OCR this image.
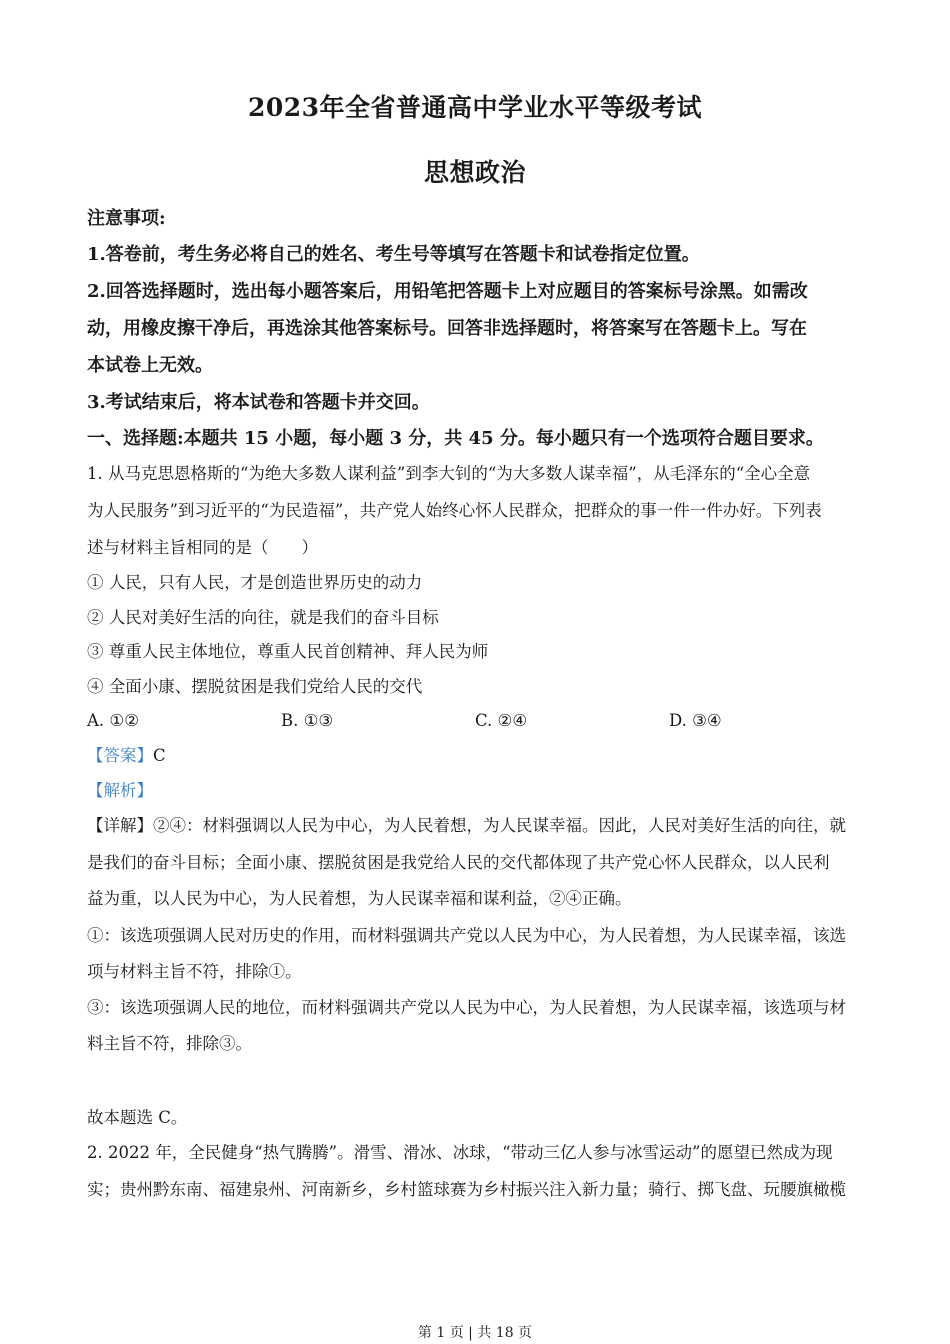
2023年全省普通高中学业水平等级考试
思想政治
注意事项:
1.答卷前，考生务必将自己的姓名、考生号等填写在答题卡和试卷指定位置。
2.回答选择题时，选出每小题答案后，用铅笔把答题卡上对应题目的答案标号涂黑。如需改
动，用橡皮擦干净后，再选涂其他答案标号。回答非选择题时，将答案写在答题卡上。写在
本试卷上无效。
3.考试结束后，将本试卷和答题卡并交回。
一、选择题:本题共 15 小题，每小题 3 分，共 45 分。每小题只有一个选项符合题目要求。
1. 从马克思恩格斯的“为绝大多数人谋利益”到李大钊的“为大多数人谋幸福”，从毛泽东的“全心全意
为人民服务”到习近平的“为民造福”，共产党人始终心怀人民群众，把群众的事一件一件办好。下列表
述与材料主旨相同的是（　　）
① 人民，只有人民，才是创造世界历史的动力
② 人民对美好生活的向往，就是我们的奋斗目标
③ 尊重人民主体地位，尊重人民首创精神、拜人民为师
④ 全面小康、摆脱贫困是我们党给人民的交代
A. ①②	B. ①③	C. ②④	D. ③④
【答案】C
【解析】
【详解】②④：材料强调以人民为中心，为人民着想，为人民谋幸福。因此，人民对美好生活的向往，就
是我们的奋斗目标；全面小康、摆脱贫困是我党给人民的交代都体现了共产党心怀人民群众，以人民利
益为重，以人民为中心，为人民着想，为人民谋幸福和谋利益，②④正确。
①：该选项强调人民对历史的作用，而材料强调共产党以人民为中心，为人民着想，为人民谋幸福，该选
项与材料主旨不符，排除①。
③：该选项强调人民的地位，而材料强调共产党以人民为中心，为人民着想，为人民谋幸福，该选项与材
料主旨不符，排除③。
故本题选 C。
2. 2022 年，全民健身“热气腾腾”。滑雪、滑冰、冰球，“带动三亿人参与冰雪运动”的愿望已然成为现
实；贵州黔东南、福建泉州、河南新乡，乡村篮球赛为乡村振兴注入新力量；骑行、掷飞盘、玩腰旗橄榄
第 1 页 | 共 18 页
